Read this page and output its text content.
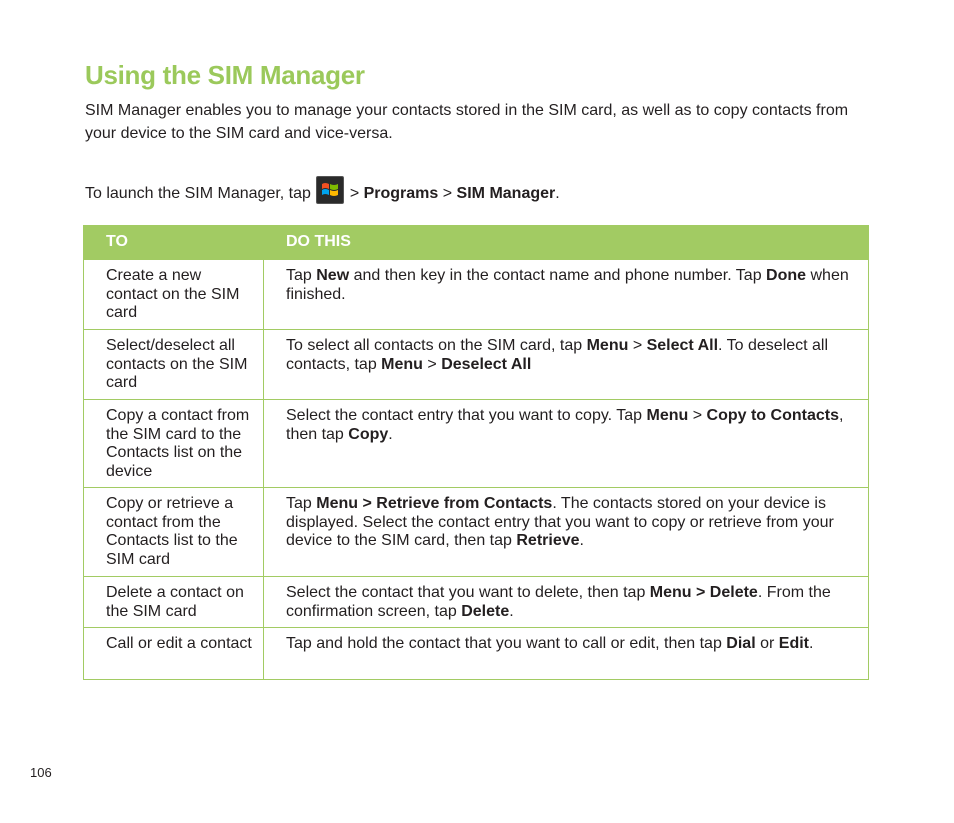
Using the SIM Manager

SIM Manager enables you to manage your contacts stored in the SIM card, as well as to copy contacts from your device to the SIM card and vice-versa.

To launch the SIM Manager, tap
> Programs > SIM Manager.

TO	DO THIS
Create a new contact on the SIM card	Tap New and then key in the contact name and phone number. Tap Done when finished.
Select/deselect all contacts on the SIM card	To select all contacts on the SIM card, tap Menu > Select All. To deselect all contacts, tap Menu > Deselect All
Copy a contact from the SIM card to the Contacts list on the device	Select the contact entry that you want to copy. Tap Menu > Copy to Contacts, then tap Copy.
Copy or retrieve a contact from the Contacts list to the SIM card	Tap Menu > Retrieve from Contacts. The contacts stored on your device is displayed. Select the contact entry that you want to copy or retrieve from your device to the SIM card, then tap Retrieve.
Delete a contact on the SIM card	Select the contact that you want to delete, then tap Menu > Delete. From the confirmation screen, tap Delete.
Call or edit a contact	Tap and hold the contact that you want to call or edit, then tap Dial or Edit.

106
